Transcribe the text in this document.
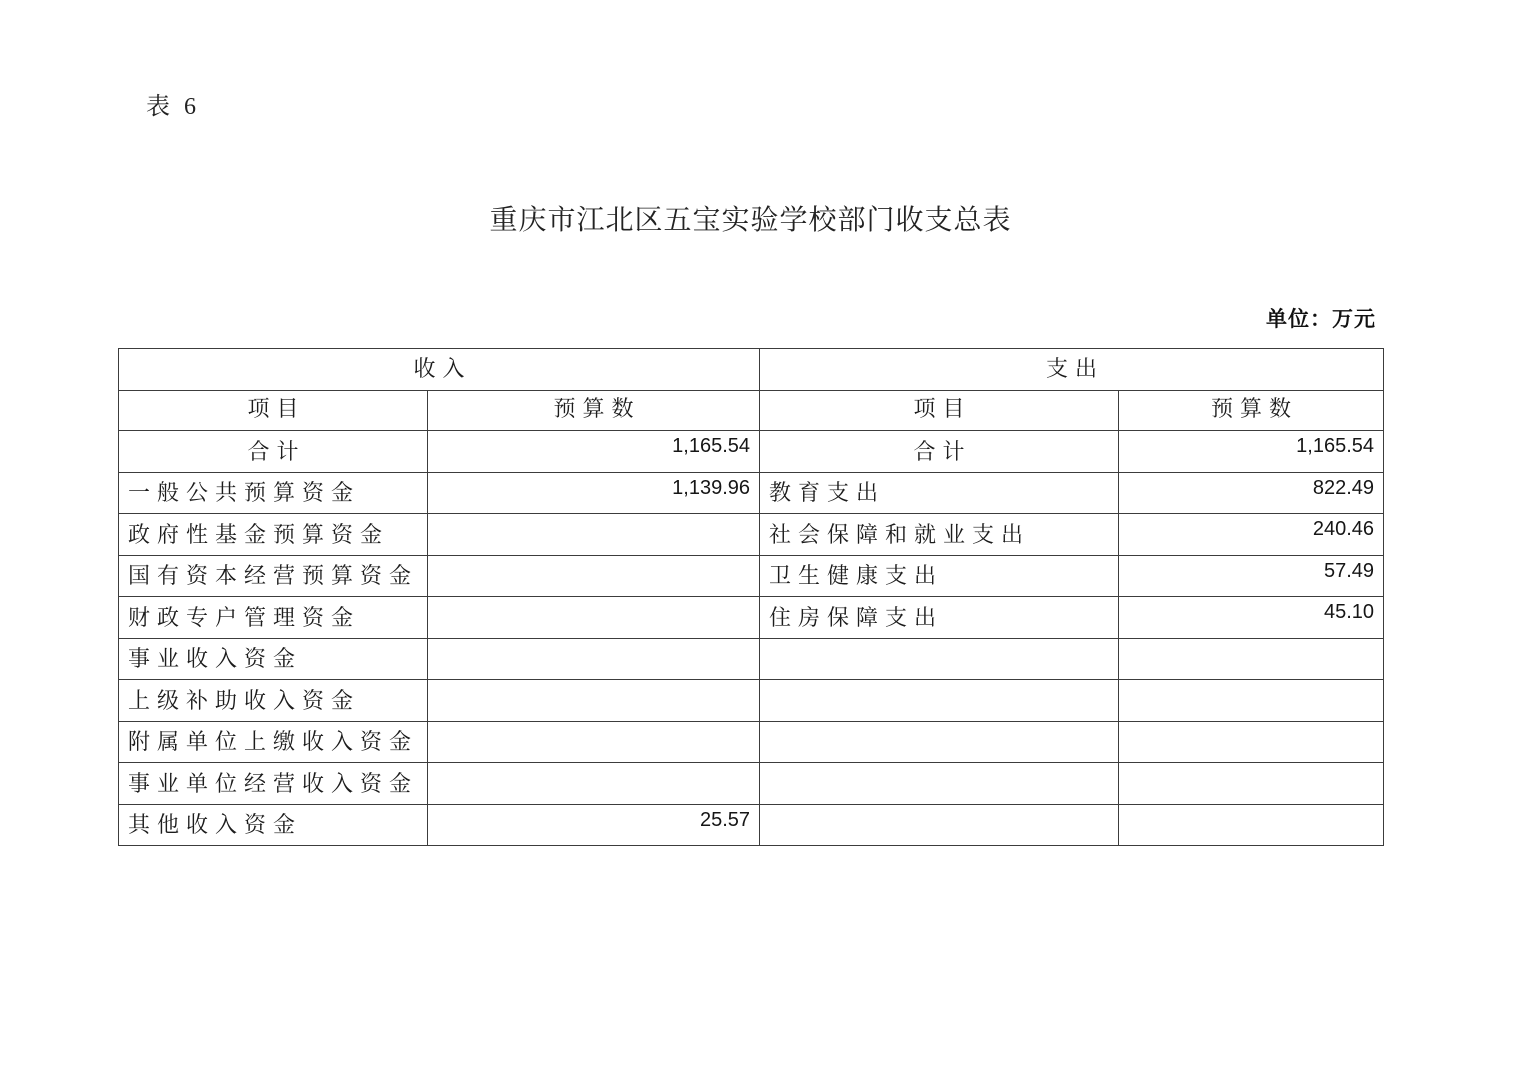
表 6
重庆市江北区五宝实验学校部门收支总表
单位：万元
收入		支出	
项目	预算数	项目	预算数
合计	1,165.54	合计	1,165.54
一般公共预算资金	1,139.96	教育支出	822.49
政府性基金预算资金		社会保障和就业支出	240.46
国有资本经营预算资金		卫生健康支出	57.49
财政专户管理资金		住房保障支出	45.10
事业收入资金			
上级补助收入资金			
附属单位上缴收入资金			
事业单位经营收入资金			
其他收入资金	25.57		
